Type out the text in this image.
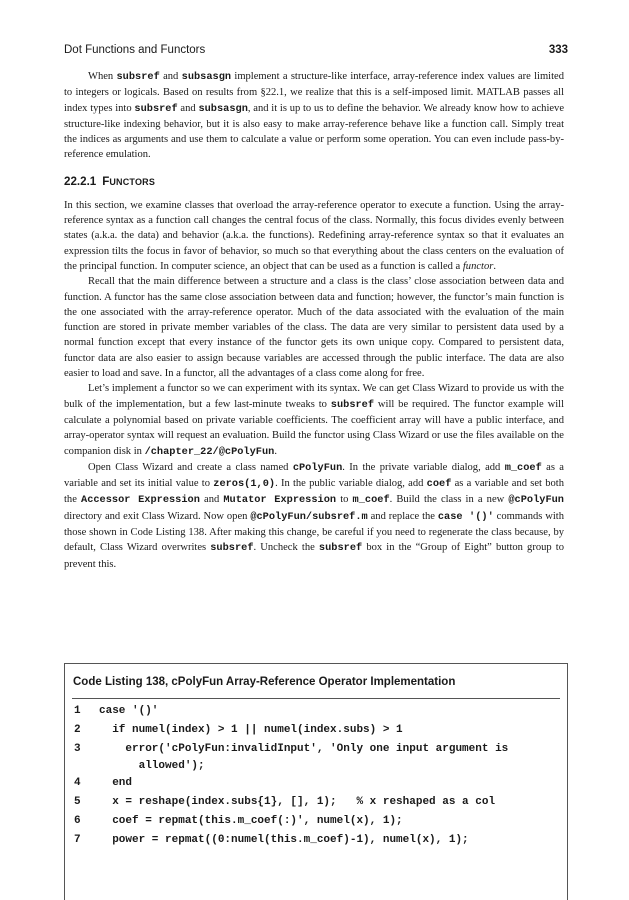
Dot Functions and Functors	333

When subsref and subsasgn implement a structure-like interface, array-reference index values are limited to integers or logicals. Based on results from §22.1, we realize that this is a self-imposed limit. MATLAB passes all index types into subsref and subsasgn, and it is up to us to define the behavior. We already know how to achieve structure-like indexing behavior, but it is also easy to make array-reference behave like a function call. Simply treat the indices as arguments and use them to calculate a value or perform some operation. You can even include pass-by-reference emulation.

22.2.1 FUNCTORS

In this section, we examine classes that overload the array-reference operator to execute a function. Using the array-reference syntax as a function call changes the central focus of the class. Normally, this focus divides evenly between states (a.k.a. the data) and behavior (a.k.a. the functions). Redefining array-reference syntax so that it evaluates an expression tilts the focus in favor of behavior, so much so that everything about the class centers on the evaluation of the principal function. In computer science, an object that can be used as a function is called a functor.

Recall that the main difference between a structure and a class is the class’ close association between data and function. A functor has the same close association between data and function; however, the functor’s main function is the one associated with the array-reference operator. Much of the data associated with the evaluation of the main function are stored in private member variables of the class. The data are very similar to persistent data used by a normal function except that every instance of the functor gets its own unique copy. Compared to persistent data, functor data are also easier to assign because variables are accessed through the public interface. The data are also easier to load and save. In a functor, all the advantages of a class come along for free.

Let’s implement a functor so we can experiment with its syntax. We can get Class Wizard to provide us with the bulk of the implementation, but a few last-minute tweaks to subsref will be required. The functor example will calculate a polynomial based on private variable coefficients. The coefficient array will have a public interface, and array-operator syntax will request an evaluation. Build the functor using Class Wizard or use the files available on the companion disk in /chapter_22/@cPolyFun.

Open Class Wizard and create a class named cPolyFun. In the private variable dialog, add m_coef as a variable and set its initial value to zeros(1,0). In the public variable dialog, add coef as a variable and set both the Accessor Expression and Mutator Expression to m_coef. Build the class in a new @cPolyFun directory and exit Class Wizard. Now open @cPolyFun/subsref.m and replace the case '()' commands with those shown in Code Listing 138. After making this change, be careful if you need to regenerate the class because, by default, Class Wizard overwrites subsref. Uncheck the subsref box in the “Group of Eight” button group to prevent this.

Code Listing 138, cPolyFun Array-Reference Operator Implementation
1 case '()'
2 if numel(index) > 1 || numel(index.subs) > 1
3 error('cPolyFun:invalidInput', 'Only one input argument is
allowed');
4 end
5 x = reshape(index.subs{1}, [], 1);   % x reshaped as a col
6 coef = repmat(this.m_coef(:)', numel(x), 1);
7 power = repmat((0:numel(this.m_coef)-1), numel(x), 1);
